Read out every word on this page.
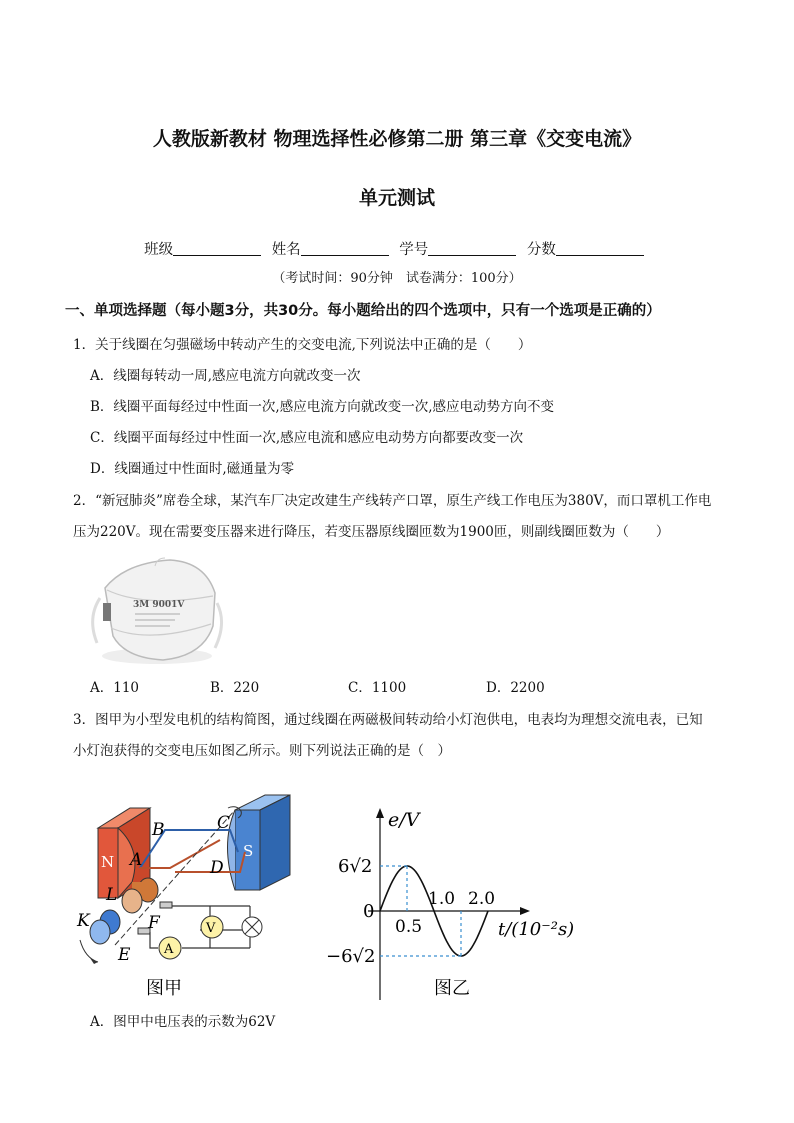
人教版新教材 物理选择性必修第二册 第三章《交变电流》
单元测试
班级	姓名	学号	分数
（考试时间：90分钟　试卷满分：100分）
一、单项选择题（每小题3分，共30分。每小题给出的四个选项中，只有一个选项是正确的）
1．关于线圈在匀强磁场中转动产生的交变电流,下列说法中正确的是（　　）
A．线圈每转动一周,感应电流方向就改变一次
B．线圈平面每经过中性面一次,感应电流方向就改变一次,感应电动势方向不变
C．线圈平面每经过中性面一次,感应电流和感应电动势方向都要改变一次
D．线圈通过中性面时,磁通量为零
2．“新冠肺炎”席卷全球，某汽车厂决定改建生产线转产口罩，原生产线工作电压为380V，而口罩机工作电
压为220V。现在需要变压器来进行降压，若变压器原线圈匝数为1900匝，则副线圈匝数为（　　）
3M 9001V
A．110	B．220	C．1100	D．2200
3．图甲为小型发电机的结构简图，通过线圈在两磁极间转动给小灯泡供电，电表均为理想交流电表，已知
小灯泡获得的交变电压如图乙所示。则下列说法正确的是（　）
N
S
V
A
B
A
C
D
L
F
K
E
图甲
e/V
6√2
0
−6√2
0.5
1.0 2.0
t/(10⁻²s)
图乙
A．图甲中电压表的示数为62V
